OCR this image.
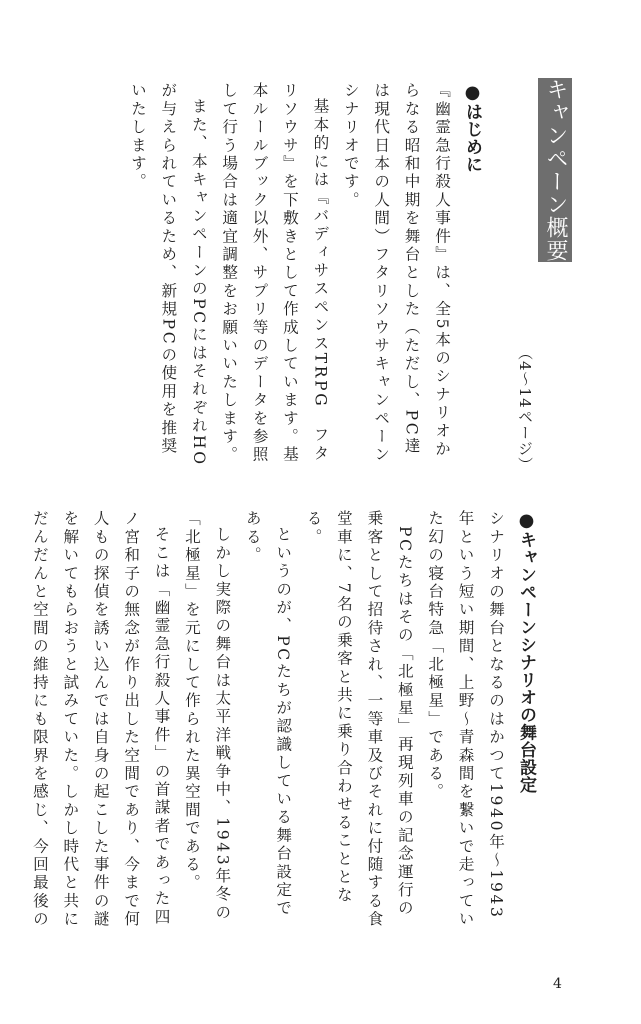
キャンペーン概要
（4～14ページ）
●はじめに

『幽霊急行殺人事件』は、全5本のシナリオからなる昭和中期を舞台とした（ただし、PC達は現代日本の人間）フタリソウサキャンペーンシナリオです。

基本的には『バディサスペンスTRPG　フタリソウサ』を下敷きとして作成しています。基本ルールブック以外、サプリ等のデータを参照して行う場合は適宜調整をお願いいたします。

また、本キャンペーンのPCにはそれぞれHOが与えられているため、新規PCの使用を推奨いたします。

●キャンペーンシナリオの舞台設定

シナリオの舞台となるのはかつて1940年～1943年という短い期間、上野～青森間を繋いで走っていた幻の寝台特急「北極星」である。

PCたちはその「北極星」再現列車の記念運行の乗客として招待され、一等車及びそれに付随する食堂車に、7名の乗客と共に乗り合わせることとなる。

というのが、PCたちが認識している舞台設定である。

しかし実際の舞台は太平洋戦争中、1943年冬の「北極星」を元にして作られた異空間である。

そこは「幽霊急行殺人事件」の首謀者であった四ノ宮和子の無念が作り出した空間であり、今まで何人もの探偵を誘い込んでは自身の起こした事件の謎を解いてもらおうと試みていた。しかし時代と共にだんだんと空間の維持にも限界を感じ、今回最後の

4
